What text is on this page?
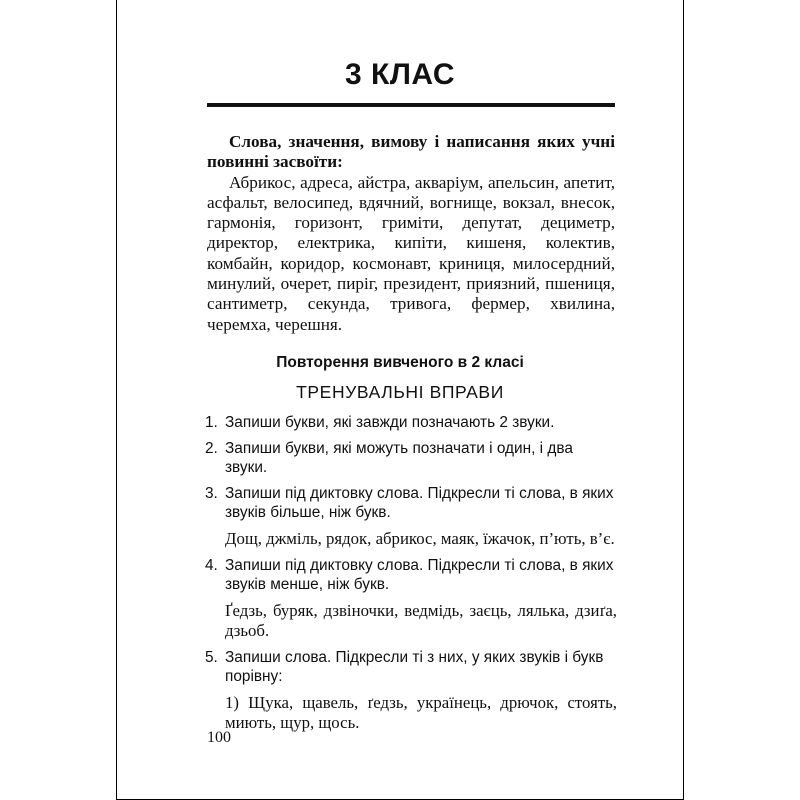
3 КЛАС

Слова, значення, вимову і написання яких учні повинні засвоїти:

Абрикос, адреса, айстра, акваріум, апельсин, апетит, асфальт, велосипед, вдячний, вогнище, вокзал, внесок, гармонія, горизонт, гриміти, депутат, дециметр, директор, електрика, кипіти, кишеня, колектив, комбайн, коридор, космонавт, криниця, милосердний, минулий, очерет, пиріг, президент, приязний, пшениця, сантиметр, секунда, тривога, фермер, хвилина, черемха, черешня.

Повторення вивченого в 2 класі
ТРЕНУВАЛЬНІ ВПРАВИ
1. Запиши букви, які завжди позначають 2 звуки.
2. Запиши букви, які можуть позначати і один, і два звуки.
3. Запиши під диктовку слова. Підкресли ті слова, в яких звуків більше, ніж букв.
Дощ, джміль, рядок, абрикос, маяк, їжачок, п’ють, в’є.
4. Запиши під диктовку слова. Підкресли ті слова, в яких звуків менше, ніж букв.
Ґедзь, буряк, дзвіночки, ведмідь, заєць, лялька, дзиґа, дзьоб.
5. Запиши слова. Підкресли ті з них, у яких звуків і букв порівну:
1) Щука, щавель, ґедзь, українець, дрючок, стоять, миють, щур, щось.
100
